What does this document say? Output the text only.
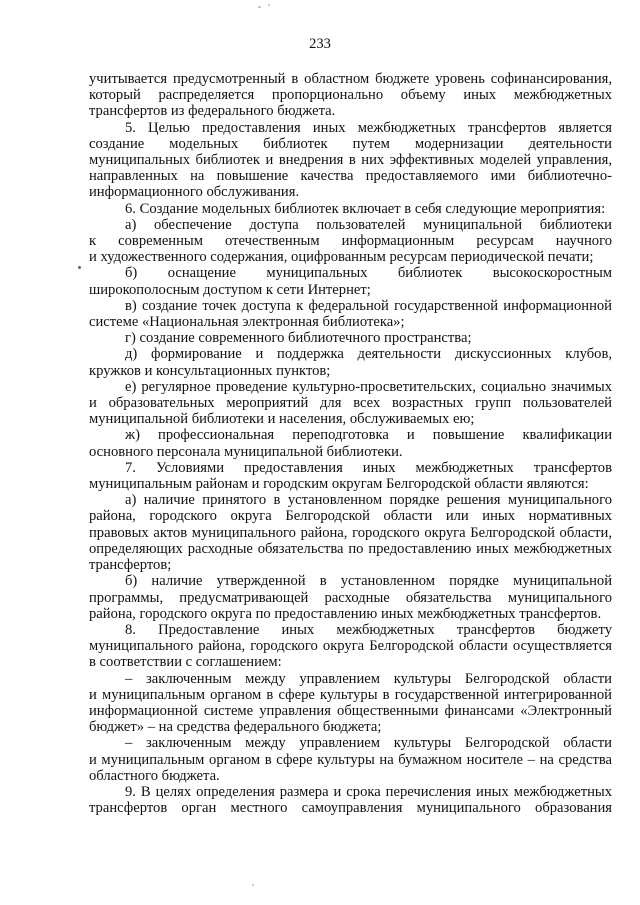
233
учитывается предусмотренный в областном бюджете уровень софинансирования,
который распределяется пропорционально объему иных межбюджетных
трансфертов из федерального бюджета.
5. Целью предоставления иных межбюджетных трансфертов является
создание модельных библиотек путем модернизации деятельности
муниципальных библиотек и внедрения в них эффективных моделей управления,
направленных на повышение качества предоставляемого ими библиотечно-
информационного обслуживания.
6. Создание модельных библиотек включает в себя следующие мероприятия:
а) обеспечение доступа пользователей муниципальной библиотеки
к современным отечественным информационным ресурсам научного
и художественного содержания, оцифрованным ресурсам периодической печати;
б) оснащение муниципальных библиотек высокоскоростным
широкополосным доступом к сети Интернет;
в) создание точек доступа к федеральной государственной информационной
системе «Национальная электронная библиотека»;
г) создание современного библиотечного пространства;
д) формирование и поддержка деятельности дискуссионных клубов,
кружков и консультационных пунктов;
е) регулярное проведение культурно-просветительских, социально значимых
и образовательных мероприятий для всех возрастных групп пользователей
муниципальной библиотеки и населения, обслуживаемых ею;
ж) профессиональная переподготовка и повышение квалификации
основного персонала муниципальной библиотеки.
7. Условиями предоставления иных межбюджетных трансфертов
муниципальным районам и городским округам Белгородской области являются:
а) наличие принятого в установленном порядке решения муниципального
района, городского округа Белгородской области или иных нормативных
правовых актов муниципального района, городского округа Белгородской области,
определяющих расходные обязательства по предоставлению иных межбюджетных
трансфертов;
б) наличие утвержденной в установленном порядке муниципальной
программы, предусматривающей расходные обязательства муниципального
района, городского округа по предоставлению иных межбюджетных трансфертов.
8. Предоставление иных межбюджетных трансфертов бюджету
муниципального района, городского округа Белгородской области осуществляется
в соответствии с соглашением:
– заключенным между управлением культуры Белгородской области
и муниципальным органом в сфере культуры в государственной интегрированной
информационной системе управления общественными финансами «Электронный
бюджет» – на средства федерального бюджета;
– заключенным между управлением культуры Белгородской области
и муниципальным органом в сфере культуры на бумажном носителе – на средства
областного бюджета.
9. В целях определения размера и срока перечисления иных межбюджетных
трансфертов орган местного самоуправления муниципального образования
